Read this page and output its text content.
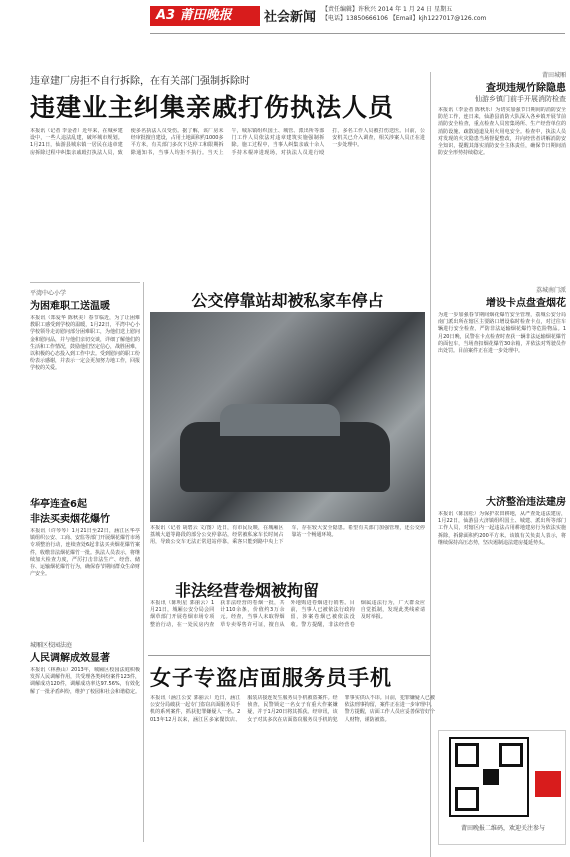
A3 莆田晚报	社会新闻
【责任编辑】许秋兴 2014 年 1 月 24 日 星期五
【电话】13850666106 【Email】kjh1227017@126.com
违章建厂房拒不自行拆除，在有关部门强制拆除时
违建业主纠集亲戚打伤执法人员
本报讯（记者 李金者）近年来，在城乡建设中，一些人违法乱建，破坏城市规划。1月21日，仙游县城东镇一居民在违章建房拆除过程中纠集亲戚殴打执法人员，致使多名执法人员受伤。据了解，该厂房未经审批擅自建设，占用土地面积约1000多平方米，有关部门多次下达停工和限期拆除通知书，当事人均拒不执行。当天上午，城东镇组织国土、城管、派出所等部门工作人员依法对违章建筑实施强制拆除。施工过程中，当事人纠集亲戚十余人手持木棍冲进现场，对执法人员进行殴打，多名工作人员被打伤送医。目前，公安机关已介入调查，相关涉案人员正在进一步处理中。
莆田城厢
查坝违规竹除隐患
仙游乡镇门前手开展消防检查
本报讯（李金者 陈秋乐）为切实加强节日期间的消防安全防范工作，连日来，仙游县消防大队深入各乡镇开展节前消防安全检查，重点检查人员密集场所、生产经营单位的消防设施、疏散通道及用火用电安全。检查中，执法人员对发现的火灾隐患当场督促整改，并向经营者讲解消防安全知识，提醒其落实消防安全主体责任，确保节日期间消防安全形势持续稳定。
平湾中心小学
为困难职工送温暖
本报讯（郑爱华 陈秋美）春节临近，为了让困难教职工感受到学校的温暖，1月22日，平湾中心小学校领导走访慰问部分困难职工，为他们送上慰问金和慰问品，并与他们亲切交谈，详细了解他们的生活和工作情况，鼓励他们坚定信心，战胜困难，以积极的心态投入到工作中去。受到慰问的职工纷纷表示感谢，并表示一定会更加努力地工作，回报学校的关爱。
华亭连查6起
非法买卖烟花爆竹
本报讯（许琴琴）1月21日至22日，涵江区华亭镇组织公安、工商、安监等部门开展烟花爆竹市场专项整治行动，连续查处6起非法买卖烟花爆竹案件，收缴非法烟花爆竹一批。执法人员表示，将继续加大检查力度，严厉打击非法生产、经营、储存、运输烟花爆竹行为，确保春节期间群众生命财产安全。
城厢区校园法庭
人民调解成效显著
本报讯（林燕山）2013年，城厢区校园法庭积极发挥人民调解作用，共受理各类纠纷案件123件，调解成功120件，调解成功率达97.56%，有效化解了一批矛盾纠纷，维护了校园和社会和谐稳定。
公交停靠站却被私家车停占
本报讯（记者 胡碧云 文/图）近日，有市民反映，在城厢区荔城大道等路段的部分公交停靠站，经常被私家车长时间占用，导致公交车无法正常进站停靠，乘客只能到路中央上下车，存在较大安全隐患。希望有关部门加强管理，还公交停靠站一个畅通环境。
荔城南门派
增设卡点盘查烟花
为进一步加强春节期间烟花爆竹安全管理，荔城公安分局南门派出所在辖区主要路口增设临时检查卡点，对过往车辆进行安全检查，严防非法运输烟花爆竹等危险物品。1月20日晚，民警在卡点检查时查获一辆非法运输烟花爆竹的面包车，当场查扣烟花爆竹30余箱，并依法对驾驶员作出处罚。目前案件正在进一步处理中。
大济整治违法建房
本报讯（陈国松）为保护农田耕地，从严查处违法建房，1月22日，仙游县大济镇组织国土、城建、派出所等部门工作人员，对辖区内一起违法占用耕地建房行为依法实施拆除，拆除面积约200平方米。该镇有关负责人表示，将继续保持高压态势，坚决遏制违法建房蔓延势头。
非法经营卷烟被拘留
本报讯（陈明星 郭丽云）1月21日，城厢公安分局会同烟草部门开展卷烟市场专项整治行动，在一处民房内查获非法经营的卷烟一批，共计110余条，价值约3万余元。经查，当事人未取得烟草专卖零售许可证，擅自从外地购进卷烟进行销售。目前，当事人已被依法行政拘留，涉案卷烟已被依法没收。警方提醒，非法经营卷烟属违法行为，广大群众应自觉抵制，发现此类线索请及时举报。
女子专盗店面服务员手机
本报讯（涵江公安 郭丽云）近日，涵江公安分局破获一起专门盗窃店面服务员手机的系列案件，抓获犯罪嫌疑人一名。2013年12月以来，涵江区多家餐饮店、服装店接连发生服务员手机被盗案件。经侦查，民警锁定一名女子有重大作案嫌疑，并于1月20日将其抓获。经审讯，该女子对其多次在店面盗窃服务员手机的犯罪事实供认不讳。目前，犯罪嫌疑人已被依法刑事拘留，案件正在进一步审理中。警方提醒，店面工作人员应妥善保管好个人财物，谨防被盗。
莆田晚报二维码，欢迎关注参与
